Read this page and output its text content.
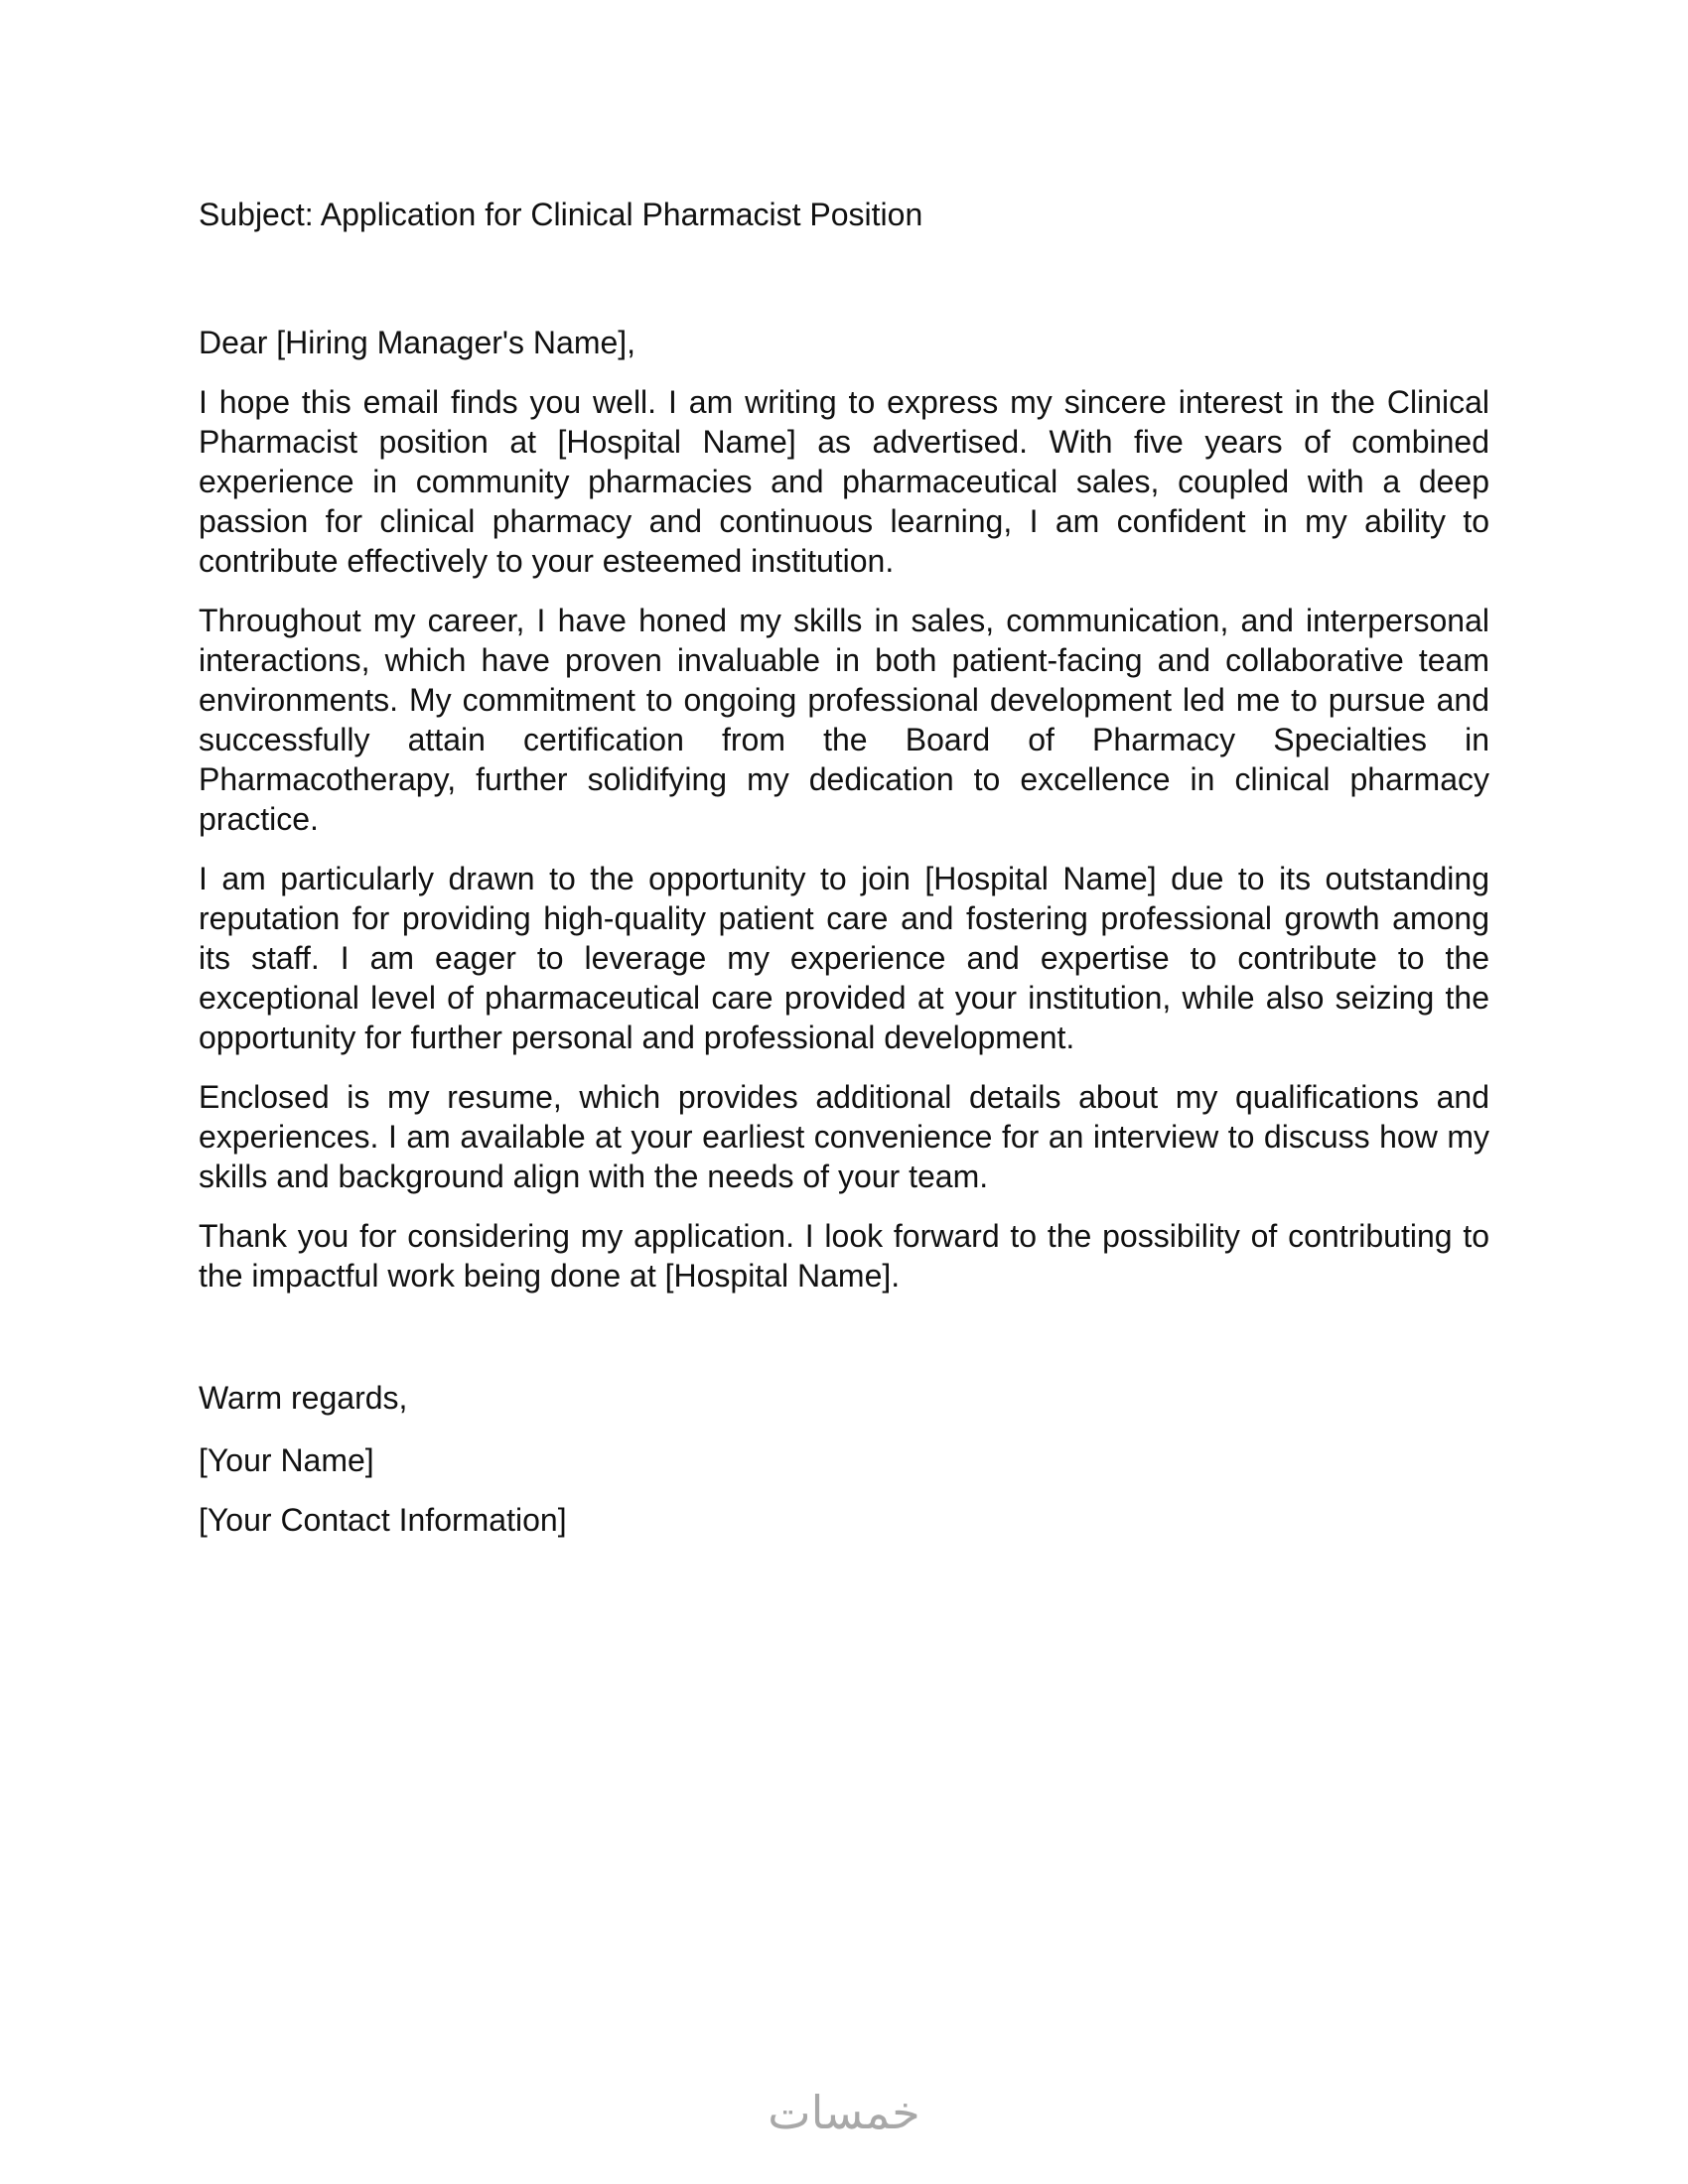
Subject: Application for Clinical Pharmacist Position

Dear [Hiring Manager's Name],

I hope this email finds you well. I am writing to express my sincere interest in the Clinical Pharmacist position at [Hospital Name] as advertised. With five years of combined experience in community pharmacies and pharmaceutical sales, coupled with a deep passion for clinical pharmacy and continuous learning, I am confident in my ability to contribute effectively to your esteemed institution.

Throughout my career, I have honed my skills in sales, communication, and interpersonal interactions, which have proven invaluable in both patient-facing and collaborative team environments. My commitment to ongoing professional development led me to pursue and successfully attain certification from the Board of Pharmacy Specialties in Pharmacotherapy, further solidifying my dedication to excellence in clinical pharmacy practice.

I am particularly drawn to the opportunity to join [Hospital Name] due to its outstanding reputation for providing high-quality patient care and fostering professional growth among its staff. I am eager to leverage my experience and expertise to contribute to the exceptional level of pharmaceutical care provided at your institution, while also seizing the opportunity for further personal and professional development.

Enclosed is my resume, which provides additional details about my qualifications and experiences. I am available at your earliest convenience for an interview to discuss how my skills and background align with the needs of your team.

Thank you for considering my application. I look forward to the possibility of contributing to the impactful work being done at [Hospital Name].

Warm regards,

[Your Name]

[Your Contact Information]

خمسات
